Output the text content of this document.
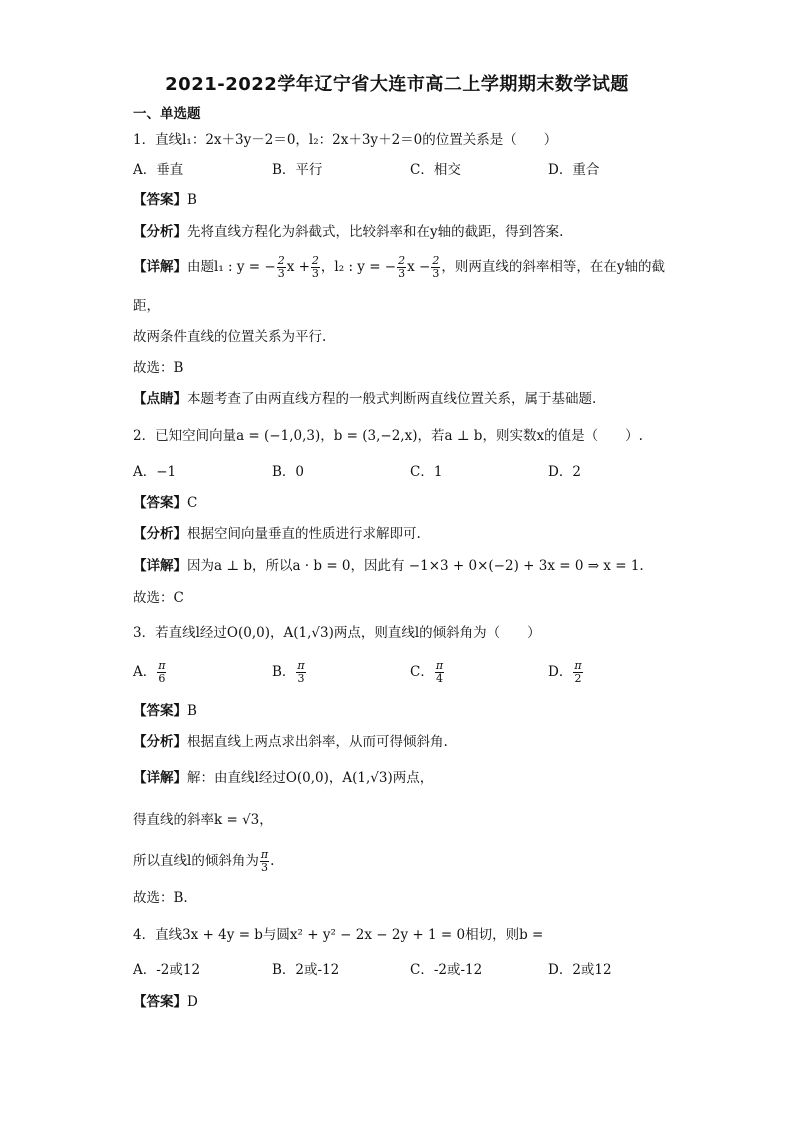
2021-2022学年辽宁省大连市高二上学期期末数学试题
一、单选题
1．直线l₁：2x＋3y－2＝0，l₂：2x＋3y＋2＝0的位置关系是（　　）
A．垂直	B．平行	C．相交	D．重合
【答案】B
【分析】先将直线方程化为斜截式，比较斜率和在y轴的截距，得到答案.
【详解】由题l₁ : y = − $\frac{2}{3}$ $x + \frac{2}{3}$ ，l₂ : y = − $\frac{2}{3}$ $x - \frac{2}{3}$ ，则两直线的斜率相等，在在y轴的截
距，
故两条件直线的位置关系为平行.
故选：B
【点睛】本题考查了由两直线方程的一般式判断两直线位置关系，属于基础题.
2．已知空间向量a = (−1,0,3)，b = (3,−2,x)，若a ⊥ b，则实数x的值是（　　）.
A．−1	B．0	C．1	D．2
【答案】C
【分析】根据空间向量垂直的性质进行求解即可.
【详解】因为a ⊥ b，所以a · b = 0，因此有 −1×3 + 0×(−2) + 3x = 0 ⇒ x = 1.
故选：C
3．若直线l经过O(0,0)，A(1,√3)两点，则直线l的倾斜角为（　　）
A． $\frac{\pi}{6}$	B． $\frac{\pi}{3}$	C． $\frac{\pi}{4}$	D． $\frac{\pi}{2}$
【答案】B
【分析】根据直线上两点求出斜率，从而可得倾斜角.
【详解】解：由直线l经过O(0,0)，A(1,√3)两点，
得直线的斜率k = √3，
所以直线l的倾斜角为 $\frac{\pi}{3}$ .
故选：B.
4．直线3x + 4y = b与圆x² + y² − 2x − 2y + 1 = 0相切，则b =
A．-2或12	B．2或-12	C．-2或-12	D．2或12
【答案】D
